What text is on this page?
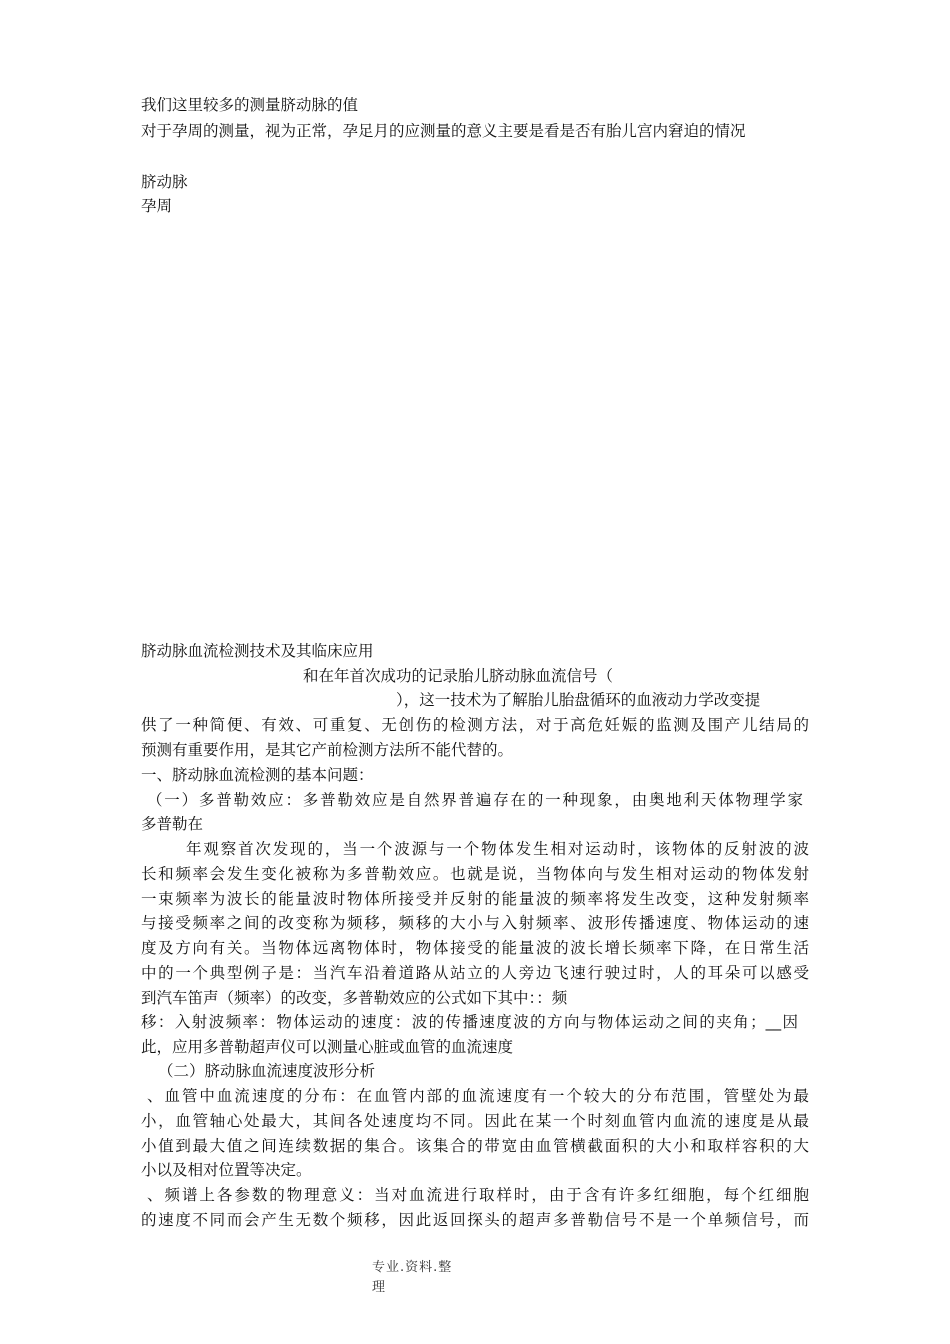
我们这里较多的测量脐动脉的值

对于孕周的测量，视为正常，孕足月的应测量的意义主要是看是否有胎儿宫内窘迫的情况

脐动脉

孕周

脐动脉血流检测技术及其临床应用

和在年首次成功的记录胎儿脐动脉血流信号（

），这一技术为了解胎儿胎盘循环的血液动力学改变提

供了一种简便、有效、可重复、无创伤的检测方法，对于高危妊娠的监测及围产儿结局的

预测有重要作用，是其它产前检测方法所不能代替的。

一、脐动脉血流检测的基本问题：

（一）多普勒效应：多普勒效应是自然界普遍存在的一种现象，由奥地利天体物理学家

多普勒在

年观察首次发现的，当一个波源与一个物体发生相对运动时，该物体的反射波的波

长和频率会发生变化被称为多普勒效应。也就是说，当物体向与发生相对运动的物体发射

一束频率为波长的能量波时物体所接受并反射的能量波的频率将发生改变，这种发射频率

与接受频率之间的改变称为频移，频移的大小与入射频率、波形传播速度、物体运动的速

度及方向有关。当物体远离物体时，物体接受的能量波的波长增长频率下降，在日常生活

中的一个典型例子是：当汽车沿着道路从站立的人旁边飞速行驶过时，人的耳朵可以感受

到汽车笛声（频率）的改变，多普勒效应的公式如下其中：：频

移：入射波频率：物体运动的速度：波的传播速度波的方向与物体运动之间的夹角；__因

此，应用多普勒超声仪可以测量心脏或血管的血流速度

（二）脐动脉血流速度波形分析

、血管中血流速度的分布：在血管内部的血流速度有一个较大的分布范围，管壁处为最

小，血管轴心处最大，其间各处速度均不同。因此在某一个时刻血管内血流的速度是从最

小值到最大值之间连续数据的集合。该集合的带宽由血管横截面积的大小和取样容积的大

小以及相对位置等决定。

、频谱上各参数的物理意义：当对血流进行取样时，由于含有许多红细胞，每个红细胞

的速度不同而会产生无数个频移，因此返回探头的超声多普勒信号不是一个单频信号，而

专业.资料.整
理
